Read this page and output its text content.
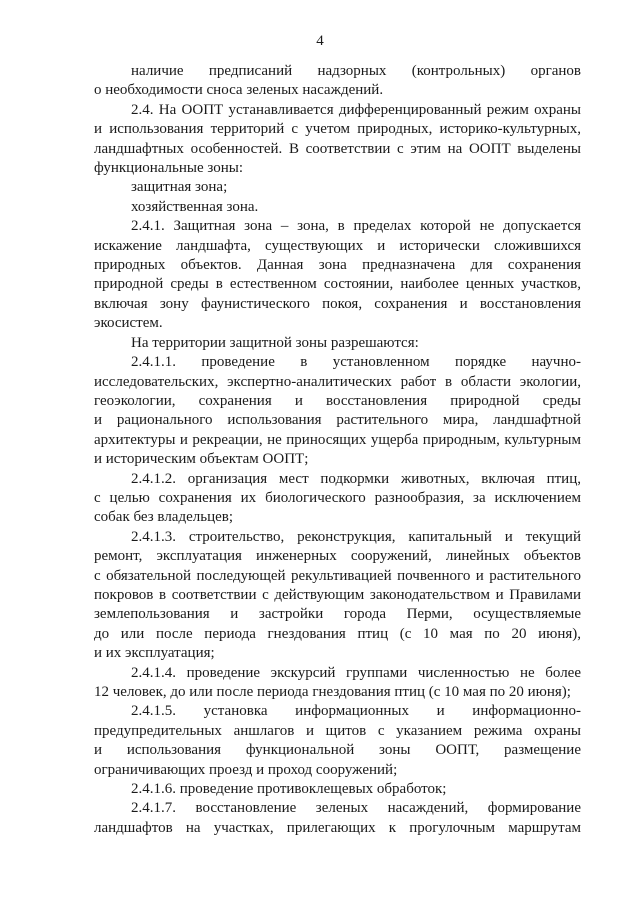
4
наличие предписаний надзорных (контрольных) органов
о необходимости сноса зеленых насаждений.
2.4. На ООПТ устанавливается дифференцированный режим охраны
и использования территорий с учетом природных, историко-культурных,
ландшафтных особенностей. В соответствии с этим на ООПТ выделены
функциональные зоны:
защитная зона;
хозяйственная зона.
2.4.1. Защитная зона – зона, в пределах которой не допускается
искажение ландшафта, существующих и исторически сложившихся
природных объектов. Данная зона предназначена для сохранения
природной среды в естественном состоянии, наиболее ценных участков,
включая зону фаунистического покоя, сохранения и восстановления
экосистем.
На территории защитной зоны разрешаются:
2.4.1.1. проведение в установленном порядке научно-
исследовательских, экспертно-аналитических работ в области экологии,
геоэкологии, сохранения и восстановления природной среды
и рационального использования растительного мира, ландшафтной
архитектуры и рекреации, не приносящих ущерба природным, культурным
и историческим объектам ООПТ;
2.4.1.2. организация мест подкормки животных, включая птиц,
с целью сохранения их биологического разнообразия, за исключением
собак без владельцев;
2.4.1.3. строительство, реконструкция, капитальный и текущий
ремонт, эксплуатация инженерных сооружений, линейных объектов
с обязательной последующей рекультивацией почвенного и растительного
покровов в соответствии с действующим законодательством и Правилами
землепользования и застройки города Перми, осуществляемые
до или после периода гнездования птиц (с 10 мая по 20 июня),
и их эксплуатация;
2.4.1.4. проведение экскурсий группами численностью не более
12 человек, до или после периода гнездования птиц (с 10 мая по 20 июня);
2.4.1.5. установка информационных и информационно-
предупредительных аншлагов и щитов с указанием режима охраны
и использования функциональной зоны ООПТ, размещение
ограничивающих проезд и проход сооружений;
2.4.1.6. проведение противоклещевых обработок;
2.4.1.7. восстановление зеленых насаждений, формирование
ландшафтов на участках, прилегающих к прогулочным маршрутам
